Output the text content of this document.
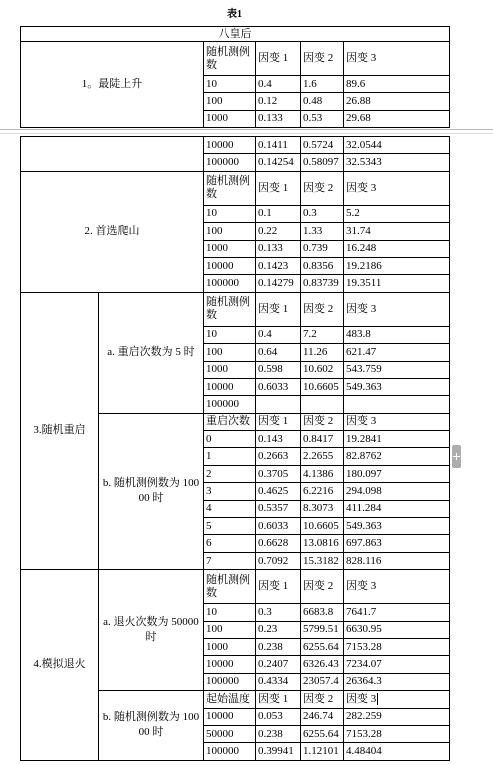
表1
八皇后				
1。最陡上升	随机测例数	因变 1	因变 2	因变 3
	10	0.4	1.6	89.6
	100	0.12	0.48	26.88
	1000	0.133	0.53	29.68
		10000	0.1411	0.5724	32.0544
		100000	0.14254	0.58097	32.5343
2. 首选爬山		随机测例数	因变 1	因变 2	因变 3
		10	0.1	0.3	5.2
		100	0.22	1.33	31.74
		1000	0.133	0.739	16.248
		10000	0.1423	0.8356	19.2186
		100000	0.14279	0.83739	19.3511
3.随机重启	a. 重启次数为 5 时	随机测例数	因变 1	因变 2	因变 3
		10	0.4	7.2	483.8
		100	0.64	11.26	621.47
		1000	0.598	10.602	543.759
		10000	0.6033	10.6605	549.363
		100000			
	b. 随机测例数为 10000 时	重启次数	因变 1	因变 2	因变 3
		0	0.143	0.8417	19.2841
		1	0.2663	2.2655	82.8762
		2	0.3705	4.1386	180.097
		3	0.4625	6.2216	294.098
		4	0.5357	8.3073	411.284
		5	0.6033	10.6605	549.363
		6	0.6628	13.0816	697.863
		7	0.7092	15.3182	828.116
4.模拟退火	a. 退火次数为 50000 时	随机测例数	因变 1	因变 2	因变 3
		10	0.3	6683.8	7641.7
		100	0.23	5799.51	6630.95
		1000	0.238	6255.64	7153.28
		10000	0.2407	6326.43	7234.07
		100000	0.4334	23057.4	26364.3
	b. 随机测例数为 10000 时	起始温度	因变 1	因变 2	因变 3
		10000	0.053	246.74	282.259
		50000	0.238	6255.64	7153.28
		100000	0.39941	1.12101	4.48404
